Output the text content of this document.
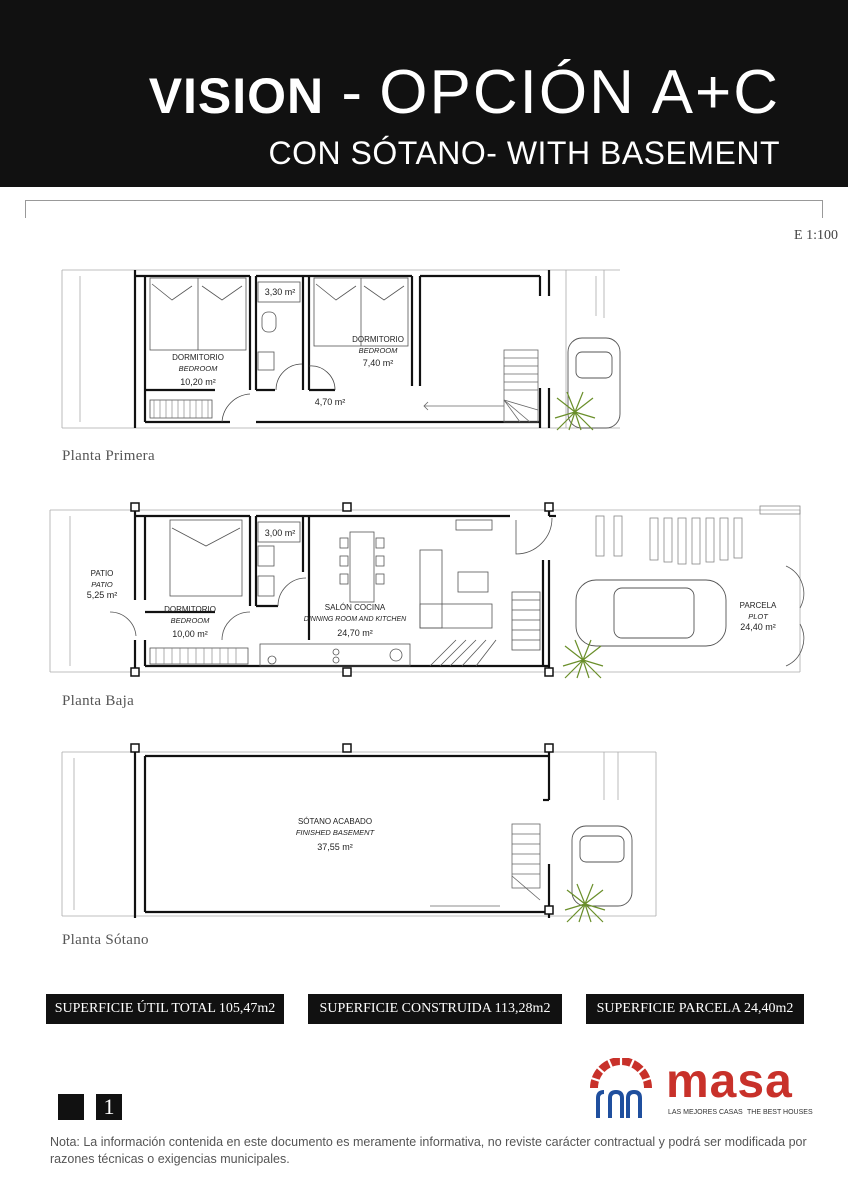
VISION - OPCIÓN A+C
CON SÓTANO- WITH BASEMENT
E 1:100
DORMITORIO
BEDROOM
10,20 m²
3,30 m²
DORMITORIO
BEDROOM
7,40 m²
4,70 m²
PATIO
PATIO
5,25 m²
DORMITORIO
BEDROOM
10,00 m²
3,00 m²
SALÓN COCINA
DINNING ROOM AND KITCHEN
24,70 m²
PARCELA
PLOT
24,40 m²
SÓTANO ACABADO
FINISHED BASEMENT
37,55 m²
Planta Primera
Planta Baja
Planta Sótano
SUPERFICIE ÚTIL TOTAL 105,47m2	SUPERFICIE CONSTRUIDA 113,28m2	SUPERFICIE PARCELA 24,40m2
1	masa
LAS MEJORES CASAS THE BEST HOUSES
Nota: La información contenida en este documento es meramente informativa, no reviste carácter contractual y podrá ser modificada por razones técnicas o exigencias municipales.
